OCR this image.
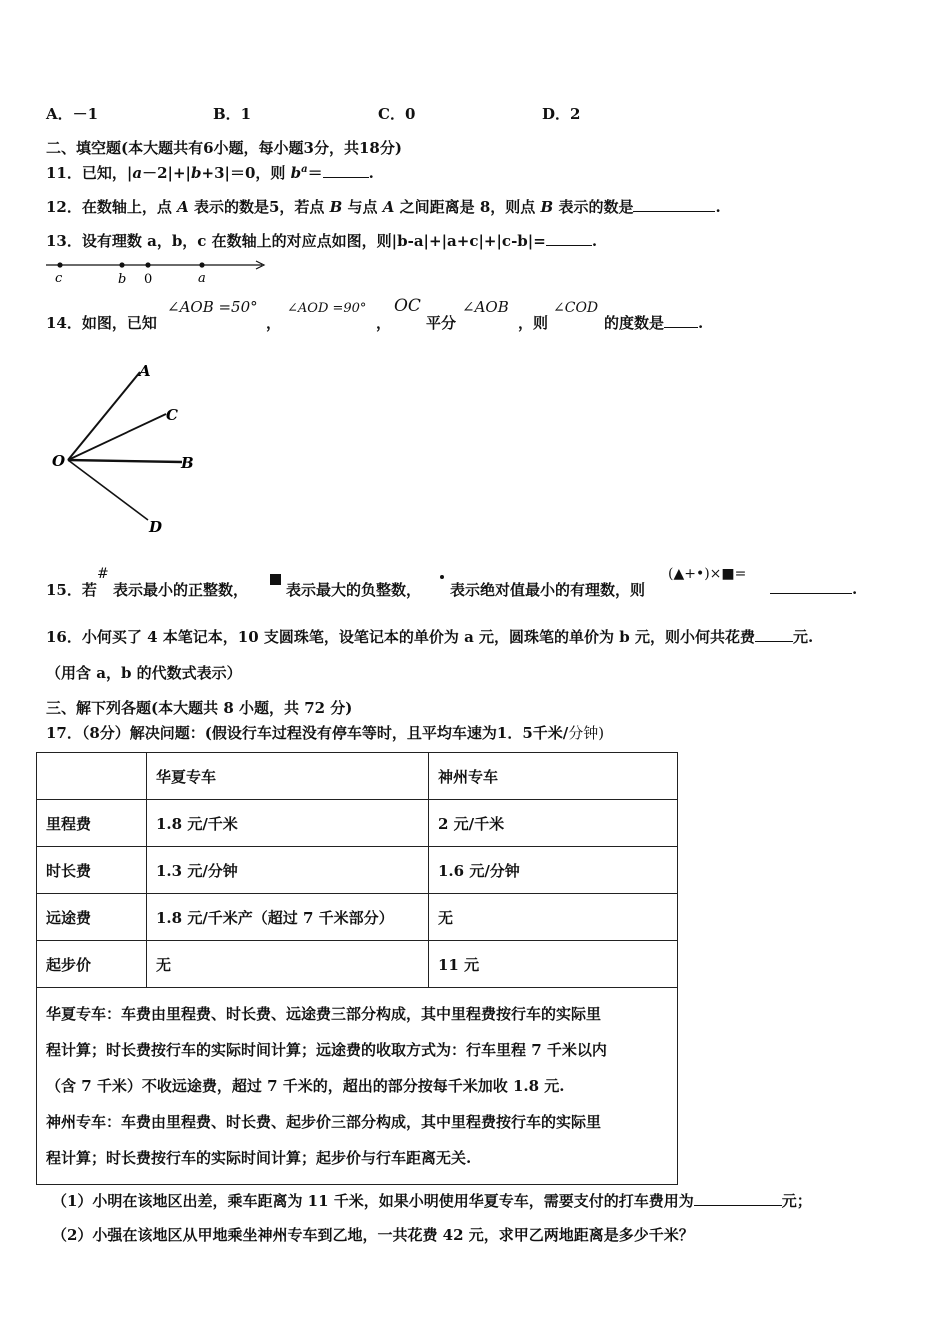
A．－1	B．1	C．0	D．2
二、填空题(本大题共有6小题，每小题3分，共18分)
11．已知，|a－2|+|b+3|＝0，则 $b^a=$	.
12．在数轴上，点 A 表示的数是5，若点 B 与点 A 之间距离是 8，则点 B 表示的数是	.
13．设有理数 a，b，c 在数轴上的对应点如图，则|b-a|+|a+c|+|c-b|=	.
c	b 0	a
14．如图，已知
∠AOB =50°
，
∠AOD =90°
，
OC
平分
∠AOB
，则
∠COD
的度数是 .
O
A
C
B
D
15．若
#
表示最小的正整数，	表示最大的负整数， 表示绝对值最小的有理数，则
(▲+•)×■=
.
16．小何买了 4 本笔记本，10 支圆珠笔，设笔记本的单价为 a 元，圆珠笔的单价为 b 元，则小何共花费	元.
（用含 a，b 的代数式表示）
三、解下列各题(本大题共 8 小题，共 72 分)
17．（8分）解决问题：(假设行车过程没有停车等时，且平均车速为1．5千米/分钟)
	华夏专车	神州专车
里程费	1.8 元/千米	2 元/千米
时长费	1.3 元/分钟	1.6 元/分钟
远途费	1.8 元/千米产（超过 7 千米部分）	无
起步价	无	11 元

华夏专车：车费由里程费、时长费、远途费三部分构成，其中里程费按行车的实际里
程计算；时长费按行车的实际时间计算；远途费的收取方式为：行车里程 7 千米以内
（含 7 千米）不收远途费，超过 7 千米的，超出的部分按每千米加收 1.8 元.
神州专车：车费由里程费、时长费、起步价三部分构成，其中里程费按行车的实际里
程计算；时长费按行车的实际时间计算；起步价与行车距离无关.		
（1）小明在该地区出差，乘车距离为 11 千米，如果小明使用华夏专车，需要支付的打车费用为	元；
（2）小强在该地区从甲地乘坐神州专车到乙地，一共花费 42 元，求甲乙两地距离是多少千米？
